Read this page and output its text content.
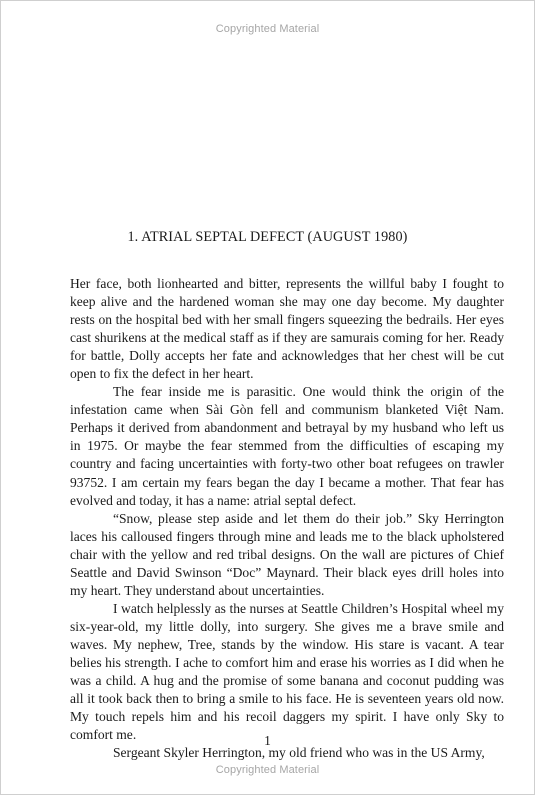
Copyrighted Material
1. ATRIAL SEPTAL DEFECT (AUGUST 1980)

Her face, both lionhearted and bitter, represents the willful baby I fought to keep alive and the hardened woman she may one day become. My daughter rests on the hospital bed with her small fingers squeezing the bedrails. Her eyes cast shurikens at the medical staff as if they are samurais coming for her. Ready for battle, Dolly accepts her fate and acknowledges that her chest will be cut open to fix the defect in her heart.

The fear inside me is parasitic. One would think the origin of the infestation came when Sài Gòn fell and communism blanketed Việt Nam. Perhaps it derived from abandonment and betrayal by my husband who left us in 1975. Or maybe the fear stemmed from the difficulties of escaping my country and facing uncertainties with forty-two other boat refugees on trawler 93752. I am certain my fears began the day I became a mother. That fear has evolved and today, it has a name: atrial septal defect.

“Snow, please step aside and let them do their job.” Sky Herrington laces his calloused fingers through mine and leads me to the black upholstered chair with the yellow and red tribal designs. On the wall are pictures of Chief Seattle and David Swinson “Doc” Maynard. Their black eyes drill holes into my heart. They understand about uncertainties.

I watch helplessly as the nurses at Seattle Children’s Hospital wheel my six-year-old, my little dolly, into surgery. She gives me a brave smile and waves. My nephew, Tree, stands by the window. His stare is vacant. A tear belies his strength. I ache to comfort him and erase his worries as I did when he was a child. A hug and the promise of some banana and coconut pudding was all it took back then to bring a smile to his face. He is seventeen years old now. My touch repels him and his recoil daggers my spirit. I have only Sky to comfort me.

Sergeant Skyler Herrington, my old friend who was in the US Army,

1
Copyrighted Material
